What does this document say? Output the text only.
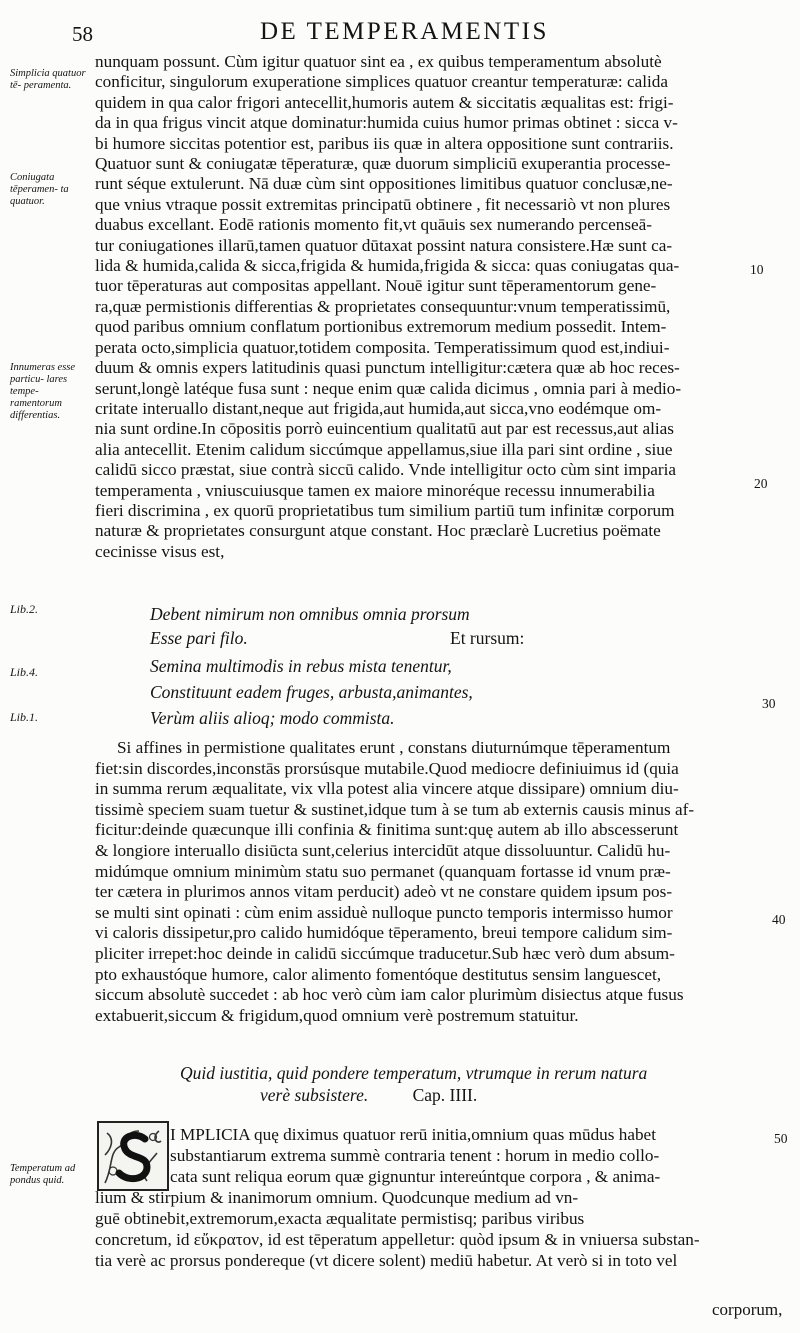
58	DE TEMPERAMENTIS
Simplicia quatuor tē- peramenta.
Coniugata tēperamen- ta quatuor.
Innumeras esse particu- lares tempe- ramentorum differentias.
Lib.2.
Lib.4.
Lib.1.
Temperatum ad pondus quid.
10
20
30
40
50
nunquam possunt. Cùm igitur quatuor sint ea , ex quibus temperamentum absolutè
conficitur, singulorum exuperatione simplices quatuor creantur temperaturæ: calida
quidem in qua calor frigori antecellit,humoris autem & siccitatis æqualitas est: frigi-
da in qua frigus vincit atque dominatur:humida cuius humor primas obtinet : sicca v-
bi humore siccitas potentior est, paribus iis quæ in altera oppositione sunt contrariis.
Quatuor sunt & coniugatæ tēperaturæ, quæ duorum simpliciū exuperantia processe-
runt séque extulerunt. Nā duæ cùm sint oppositiones limitibus quatuor conclusæ,ne-
que vnius vtraque possit extremitas principatū obtinere , fit necessariò vt non plures
duabus excellant. Eodē rationis momento fit,vt quāuis sex numerando percenseā-
tur coniugationes illarū,tamen quatuor dūtaxat possint natura consistere.Hæ sunt ca-
lida & humida,calida & sicca,frigida & humida,frigida & sicca: quas coniugatas qua-
tuor tēperaturas aut compositas appellant. Nouē igitur sunt tēperamentorum gene-
ra,quæ permistionis differentias & proprietates consequuntur:vnum temperatissimū,
quod paribus omnium conflatum portionibus extremorum medium possedit. Intem-
perata octo,simplicia quatuor,totidem composita. Temperatissimum quod est,indiui-
duum & omnis expers latitudinis quasi punctum intelligitur:cætera quæ ab hoc reces-
serunt,longè latéque fusa sunt : neque enim quæ calida dicimus , omnia pari à medio-
critate interuallo distant,neque aut frigida,aut humida,aut sicca,vno eodémque om-
nia sunt ordine.In cōpositis porrò euincentium qualitatū aut par est recessus,aut alias
alia antecellit. Etenim calidum siccúmque appellamus,siue illa pari sint ordine , siue
calidū sicco præstat, siue contrà siccū calido. Vnde intelligitur octo cùm sint imparia
temperamenta , vniuscuiusque tamen ex maiore minoréque recessu innumerabilia
fieri discrimina , ex quorū proprietatibus tum similium partiū tum infinitæ corporum
naturæ & proprietates consurgunt atque constant. Hoc præclarè Lucretius poëmate
cecinisse visus est,
Debent nimirum non omnibus omnia prorsum
Esse pari filo.	Et rursum:
Semina multimodis in rebus mista tenentur,
Constituunt eadem fruges, arbusta,animantes,
Verùm aliis alioq; modo commista.
Si affines in permistione qualitates erunt , constans diuturnúmque tēperamentum
fiet:sin discordes,inconstās prorsúsque mutabile.Quod mediocre definiuimus id (quia
in summa rerum æqualitate, vix vlla potest alia vincere atque dissipare) omnium diu-
tissimè speciem suam tuetur & sustinet,idque tum à se tum ab externis causis minus af-
ficitur:deinde quæcunque illi confinia & finitima sunt:quę autem ab illo abscesserunt
& longiore interuallo disiūcta sunt,celerius intercidūt atque dissoluuntur. Calidū hu-
midúmque omnium minimùm statu suo permanet (quanquam fortasse id vnum præ-
ter cætera in plurimos annos vitam perducit) adeò vt ne constare quidem ipsum pos-
se multi sint opinati : cùm enim assiduè nulloque puncto temporis intermisso humor
vi caloris dissipetur,pro calido humidóque tēperamento, breui tempore calidum sim-
pliciter irrepet:hoc deinde in calidū siccúmque traducetur.Sub hæc verò dum absum-
pto exhaustóque humore, calor alimento fomentóque destitutus sensim languescet,
siccum absolutè succedet : ab hoc verò cùm iam calor plurimùm disiectus atque fusus
extabuerit,siccum & frigidum,quod omnium verè postremum statuitur.
Quid iustitia, quid pondere temperatum, vtrumque in rerum natura
verè subsistere.	Cap. IIII.
I MPLICIA quę diximus quatuor rerū initia,omnium quas mūdus habet
substantiarum extrema summè contraria tenent : horum in medio collo-
cata sunt reliqua eorum quæ gignuntur intereúntque corpora , & anima-
lium & stirpium & inanimorum omnium. Quodcunque medium ad vn-
guē obtinebit,extremorum,exacta æqualitate permistisq; paribus viribus
concretum, id εὔκρατον, id est tēperatum appelletur: quòd ipsum & in vniuersa substan-
tia verè ac prorsus pondereque (vt dicere solent) mediū habetur. At verò si in toto vel
corporum,
